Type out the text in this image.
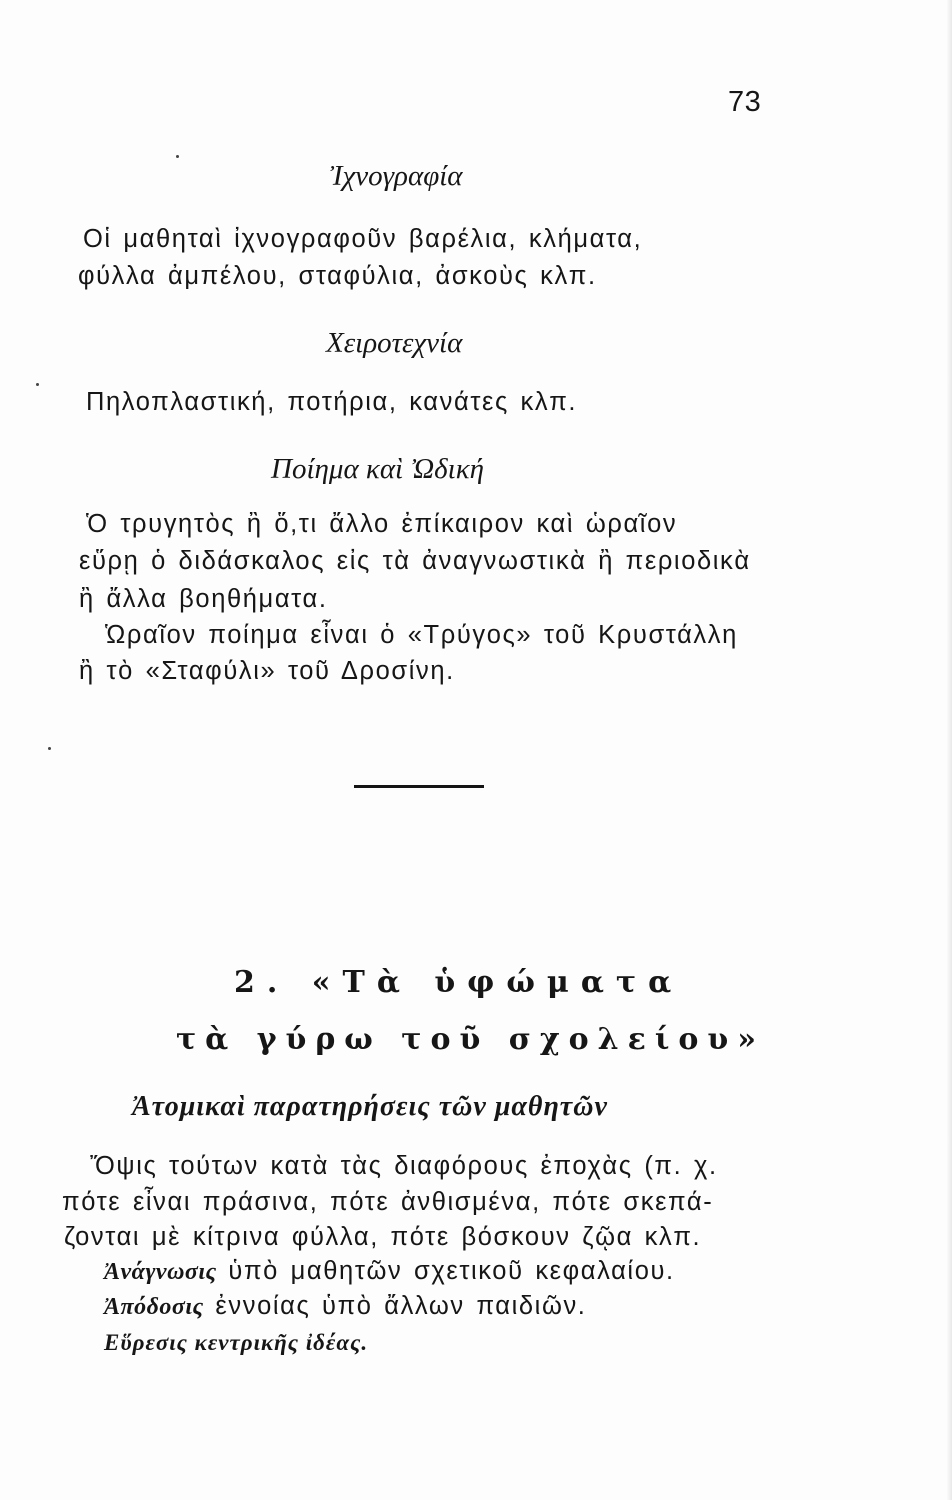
73
Ἰχνογραφία
Οἱ μαθηταὶ ἰχνογραφοῦν βαρέλια, κλήματα,
φύλλα ἀμπέλου, σταφύλια, ἀσκοὺς κλπ.
Χειροτεχνία
Πηλοπλαστική, ποτήρια, κανάτες κλπ.
Ποίημα καὶ Ὠδική
Ὁ τρυγητὸς ἢ ὅ,τι ἄλλο ἐπίκαιρον καὶ ὡραῖον
εὕρῃ ὁ διδάσκαλος εἰς τὰ ἀναγνωστικὰ ἢ περιοδικὰ
ἢ ἄλλα βοηθήματα.
Ὡραῖον ποίημα εἶναι ὁ «Τρύγος» τοῦ Κρυστάλλη
ἢ τὸ «Σταφύλι» τοῦ Δροσίνη.
2. «Τὰ ὑφώματα
τὰ γύρω τοῦ σχολείου»
Ἀτομικαὶ παρατηρήσεις τῶν μαθητῶν
Ὄψις τούτων κατὰ τὰς διαφόρους ἐποχὰς (π. χ.
πότε εἶναι πράσινα, πότε ἀνθισμένα, πότε σκεπά-
ζονται μὲ κίτρινα φύλλα, πότε βόσκουν ζῷα κλπ.
Ἀνάγνωσις ὑπὸ μαθητῶν σχετικοῦ κεφαλαίου.
Ἀπόδοσις ἐννοίας ὑπὸ ἄλλων παιδιῶν.
Εὕρεσις κεντρικῆς ἰδέας.
